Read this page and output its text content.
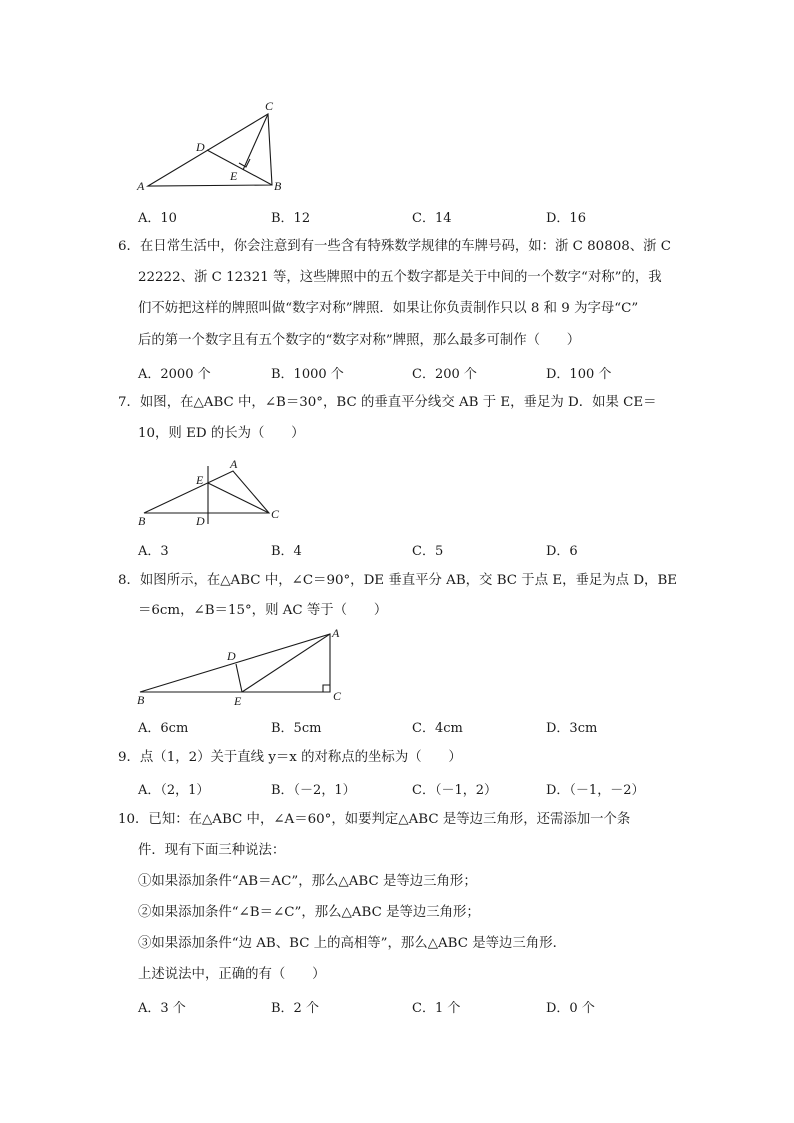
C
D
E
A	B
A．10	B．12	C．14	D．16
6．在日常生活中，你会注意到有一些含有特殊数学规律的车牌号码，如：浙 C 80808、浙 C
22222、浙 C 12321 等，这些牌照中的五个数字都是关于中间的一个数字“对称”的，我
们不妨把这样的牌照叫做“数字对称”牌照．如果让你负责制作只以 8 和 9 为字母“C”
后的第一个数字且有五个数字的“数字对称”牌照，那么最多可制作（　　）
A．2000 个	B．1000 个	C．200 个	D．100 个
7．如图，在△ABC 中，∠B＝30°，BC 的垂直平分线交 AB 于 E，垂足为 D．如果 CE＝
10，则 ED 的长为（　　）
A
E
B	D	C
A．3	B．4	C．5	D．6
8．如图所示，在△ABC 中，∠C＝90°，DE 垂直平分 AB，交 BC 于点 E，垂足为点 D，BE
＝6cm，∠B＝15°，则 AC 等于（　　）
A
D
B	E	C
A．6cm	B．5cm	C．4cm	D．3cm
9．点（1，2）关于直线 y＝x 的对称点的坐标为（　　）
A．（2，1）	B．（－2，1）	C．（－1，2）	D．（－1，－2）
10．已知：在△ABC 中，∠A＝60°，如要判定△ABC 是等边三角形，还需添加一个条
件．现有下面三种说法：
①如果添加条件“AB＝AC”，那么△ABC 是等边三角形；
②如果添加条件“∠B＝∠C”，那么△ABC 是等边三角形；
③如果添加条件“边 AB、BC 上的高相等”，那么△ABC 是等边三角形．
上述说法中，正确的有（　　）
A．3 个	B．2 个	C．1 个	D．0 个
